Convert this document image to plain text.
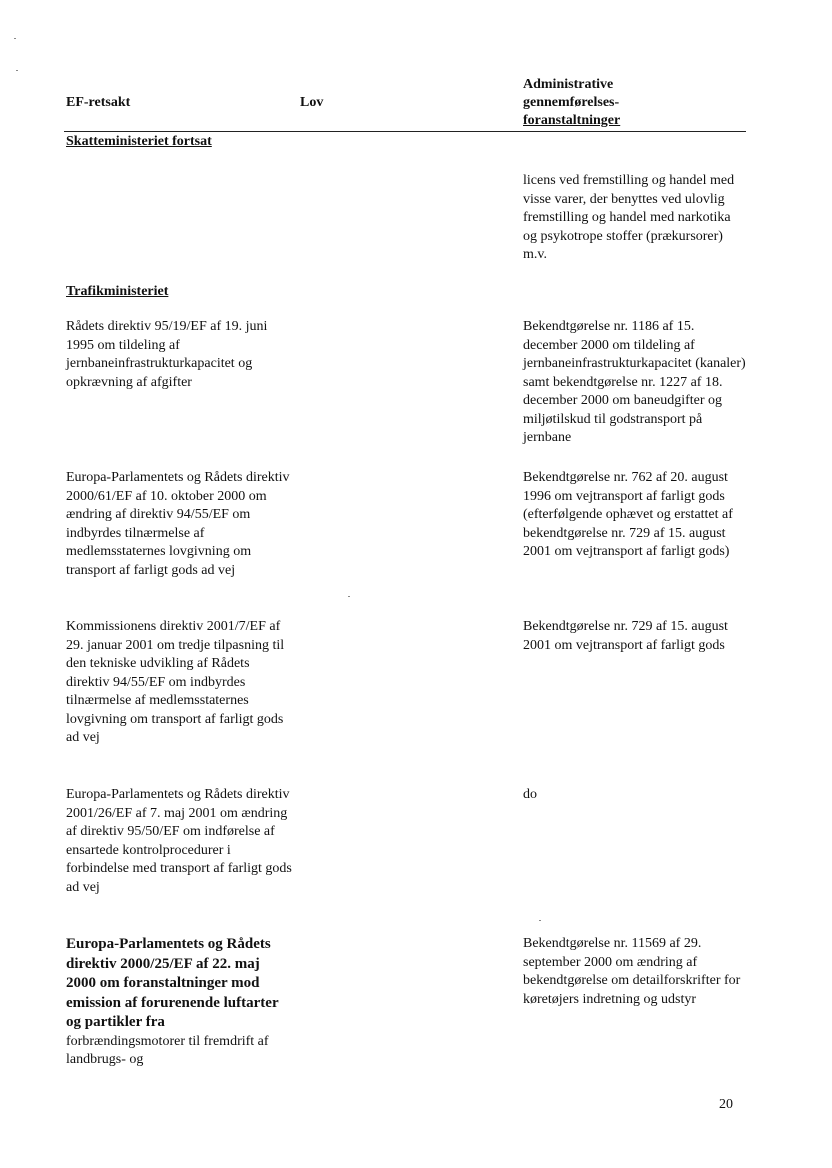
EF-retsakt	Lov
Administrative
gennemførelses-
foranstaltninger
Skatteministeriet fortsat
licens ved fremstilling og handel med visse varer, der benyttes ved ulovlig fremstilling og handel med narkotika og psykotrope stoffer (prækursorer) m.v.
Trafikministeriet
Rådets direktiv 95/19/EF af 19. juni 1995 om tildeling af jernbaneinfrastrukturkapacitet og opkrævning af afgifter
Bekendtgørelse nr. 1186 af 15. december 2000 om tildeling af jernbaneinfrastrukturkapacitet (kanaler) samt bekendtgørelse nr. 1227 af 18. december 2000 om baneudgifter og miljøtilskud til godstransport på jernbane
Europa-Parlamentets og Rådets direktiv 2000/61/EF af 10. oktober 2000 om ændring af direktiv 94/55/EF om indbyrdes tilnærmelse af medlemsstaternes lovgivning om transport af farligt gods ad vej
Bekendtgørelse nr. 762 af 20. august 1996 om vejtransport af farligt gods (efterfølgende ophævet og erstattet af bekendtgørelse nr. 729 af 15. august 2001 om vejtransport af farligt gods)
Kommissionens direktiv 2001/7/EF af 29. januar 2001 om tredje tilpasning til den tekniske udvikling af Rådets direktiv 94/55/EF om indbyrdes tilnærmelse af medlemsstaternes lovgivning om transport af farligt gods ad vej
Bekendtgørelse nr. 729 af 15. august 2001 om vejtransport af farligt gods
Europa-Parlamentets og Rådets direktiv 2001/26/EF af 7. maj 2001 om ændring af direktiv 95/50/EF om indførelse af ensartede kontrolprocedurer i forbindelse med transport af farligt gods ad vej
do
Europa-Parlamentets og Rådets direktiv 2000/25/EF af 22. maj 2000 om foranstaltninger mod emission af forurenende luftarter og partikler fra
forbrændingsmotorer til fremdrift af landbrugs- og
Bekendtgørelse nr. 11569 af 29. september 2000 om ændring af bekendtgørelse om detailforskrifter for køretøjers indretning og udstyr
20
